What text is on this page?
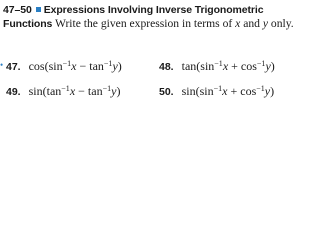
47–50 Expressions Involving Inverse Trigonometric Functions Write the given expression in terms of x and y only.
• 47. $\cos(\sin^{-1}x - \tan^{-1}y)$	48. $\tan(\sin^{-1}x + \cos^{-1}y)$
49. $\sin(\tan^{-1}x - \tan^{-1}y)$	50. $\sin(\sin^{-1}x + \cos^{-1}y)$
